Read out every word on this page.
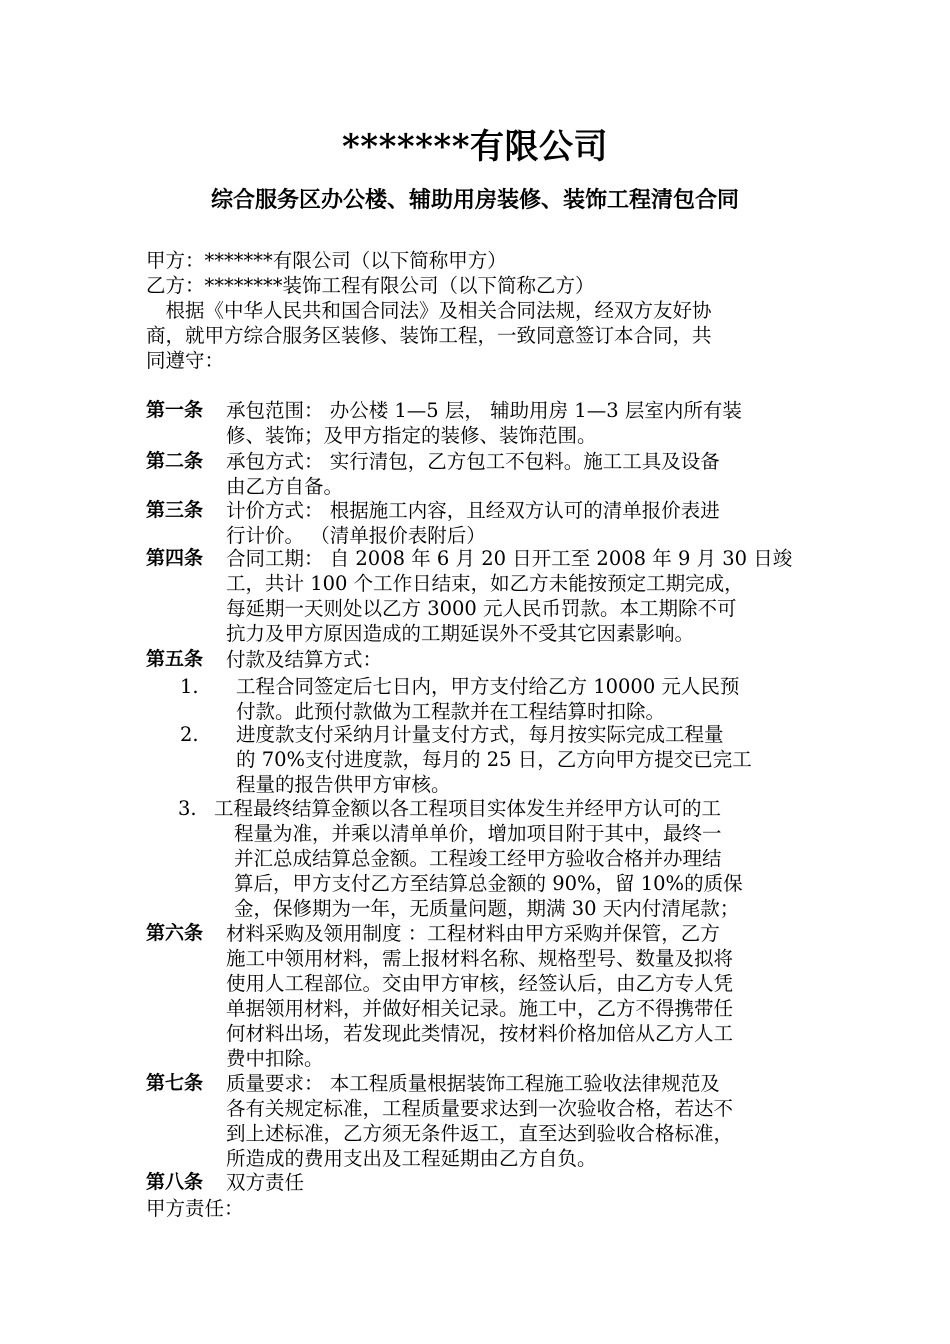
*******有限公司
综合服务区办公楼、辅助用房装修、装饰工程清包合同
甲方：*******有限公司（以下简称甲方）
乙方：********装饰工程有限公司（以下简称乙方）
　根据《中华人民共和国合同法》及相关合同法规，经双方友好协
商，就甲方综合服务区装修、装饰工程，一致同意签订本合同，共
同遵守：
第一条 承包范围： 办公楼 1—5 层， 辅助用房 1—3 层室内所有装
修、装饰；及甲方指定的装修、装饰范围。
第二条 承包方式： 实行清包，乙方包工不包料。施工工具及设备
由乙方自备。
第三条 计价方式： 根据施工内容，且经双方认可的清单报价表进
行计价。 （清单报价表附后）
第四条 合同工期： 自 2008 年 6 月 20 日开工至 2008 年 9 月 30 日竣
工，共计 100 个工作日结束，如乙方未能按预定工期完成，
每延期一天则处以乙方 3000 元人民币罚款。本工期除不可
抗力及甲方原因造成的工期延误外不受其它因素影响。
第五条 付款及结算方式：
1. 工程合同签定后七日内，甲方支付给乙方 10000 元人民预
付款。此预付款做为工程款并在工程结算时扣除。
2. 进度款支付采纳月计量支付方式，每月按实际完成工程量
的 70%支付进度款，每月的 25 日，乙方向甲方提交已完工
程量的报告供甲方审核。
3. 工程最终结算金额以各工程项目实体发生并经甲方认可的工
程量为准，并乘以清单单价，增加项目附于其中，最终一
并汇总成结算总金额。工程竣工经甲方验收合格并办理结
算后，甲方支付乙方至结算总金额的 90%，留 10%的质保
金，保修期为一年，无质量问题，期满 30 天内付清尾款；
第六条 材料采购及领用制度 ：工程材料由甲方采购并保管，乙方
施工中领用材料，需上报材料名称、规格型号、数量及拟将
使用人工程部位。交由甲方审核，经签认后，由乙方专人凭
单据领用材料，并做好相关记录。施工中，乙方不得携带任
何材料出场，若发现此类情况，按材料价格加倍从乙方人工
费中扣除。
第七条 质量要求： 本工程质量根据装饰工程施工验收法律规范及
各有关规定标准，工程质量要求达到一次验收合格，若达不
到上述标准，乙方须无条件返工，直至达到验收合格标准，
所造成的费用支出及工程延期由乙方自负。
第八条 双方责任
甲方责任：
